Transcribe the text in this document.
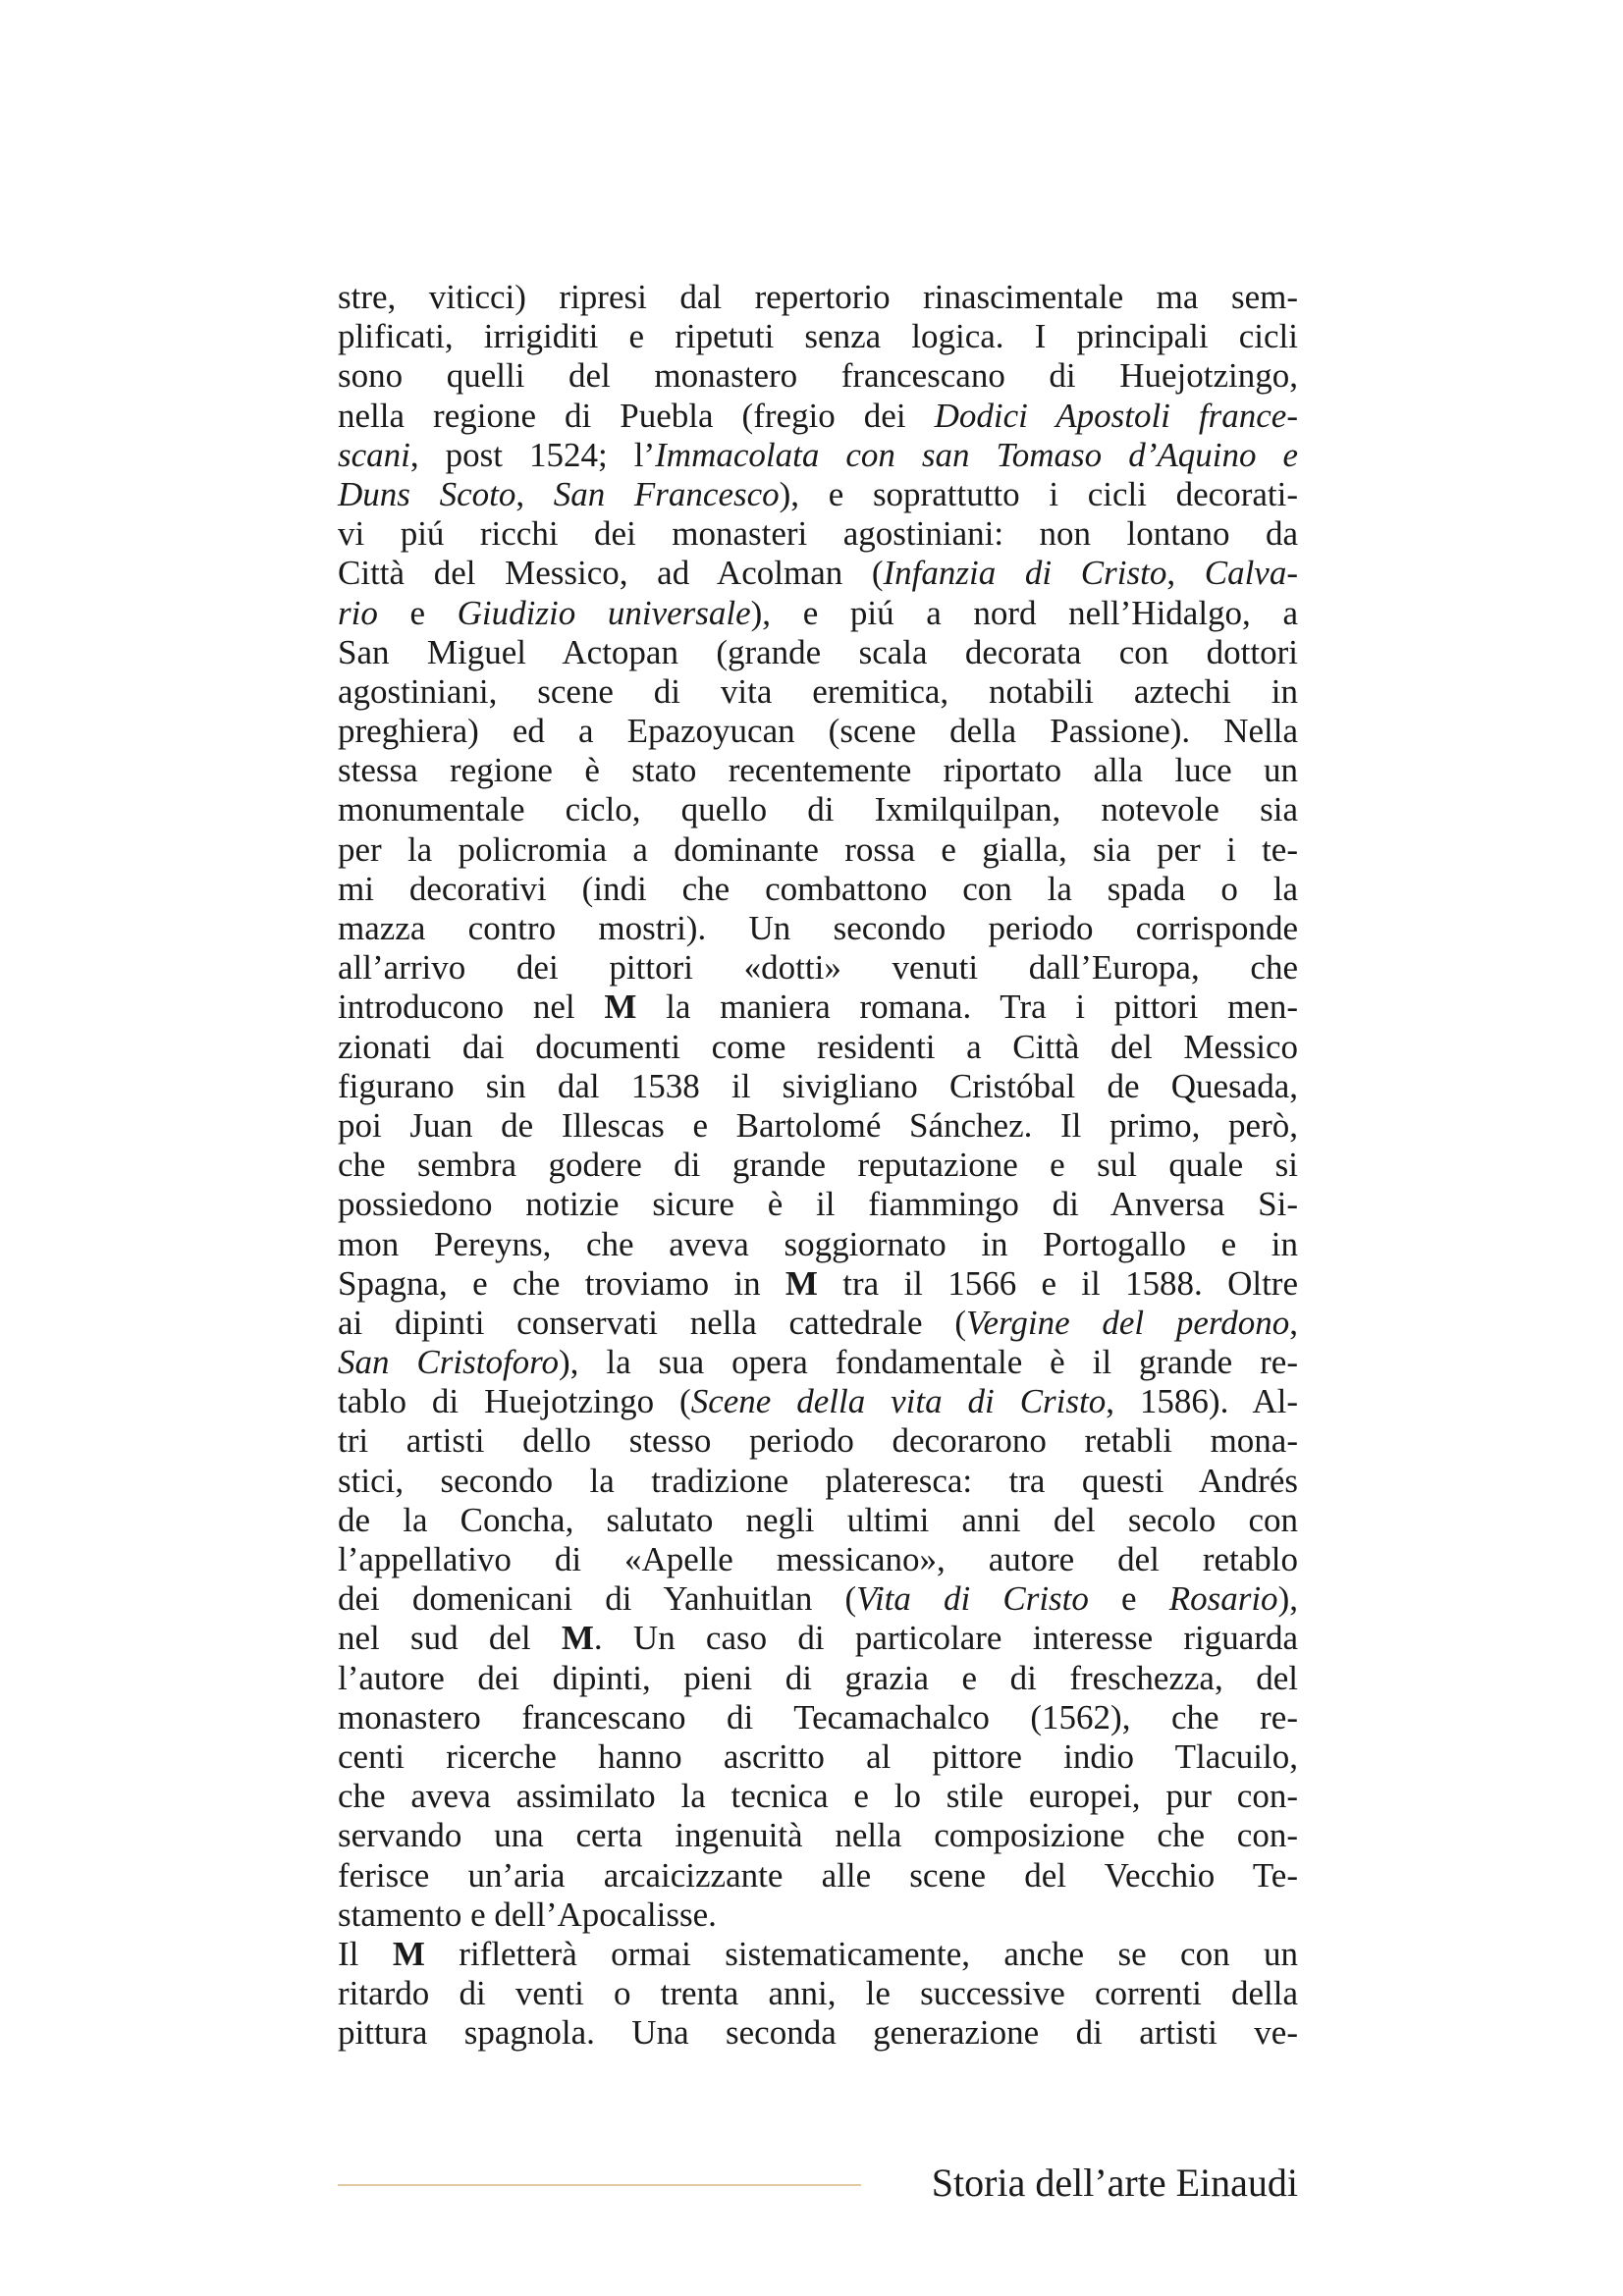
stre, viticci) ripresi dal repertorio rinascimentale ma sem-
plificati, irrigiditi e ripetuti senza logica. I principali cicli
sono quelli del monastero francescano di Huejotzingo,
nella regione di Puebla (fregio dei Dodici Apostoli france-
scani, post 1524; l’Immacolata con san Tomaso d’Aquino e
Duns Scoto, San Francesco), e soprattutto i cicli decorati-
vi piú ricchi dei monasteri agostiniani: non lontano da
Città del Messico, ad Acolman (Infanzia di Cristo, Calva-
rio e Giudizio universale), e piú a nord nell’Hidalgo, a
San Miguel Actopan (grande scala decorata con dottori
agostiniani, scene di vita eremitica, notabili aztechi in
preghiera) ed a Epazoyucan (scene della Passione). Nella
stessa regione è stato recentemente riportato alla luce un
monumentale ciclo, quello di Ixmilquilpan, notevole sia
per la policromia a dominante rossa e gialla, sia per i te-
mi decorativi (indi che combattono con la spada o la
mazza contro mostri). Un secondo periodo corrisponde
all’arrivo dei pittori «dotti» venuti dall’Europa, che
introducono nel M la maniera romana. Tra i pittori men-
zionati dai documenti come residenti a Città del Messico
figurano sin dal 1538 il sivigliano Cristóbal de Quesada,
poi Juan de Illescas e Bartolomé Sánchez. Il primo, però,
che sembra godere di grande reputazione e sul quale si
possiedono notizie sicure è il fiammingo di Anversa Si-
mon Pereyns, che aveva soggiornato in Portogallo e in
Spagna, e che troviamo in M tra il 1566 e il 1588. Oltre
ai dipinti conservati nella cattedrale (Vergine del perdono,
San Cristoforo), la sua opera fondamentale è il grande re-
tablo di Huejotzingo (Scene della vita di Cristo, 1586). Al-
tri artisti dello stesso periodo decorarono retabli mona-
stici, secondo la tradizione plateresca: tra questi Andrés
de la Concha, salutato negli ultimi anni del secolo con
l’appellativo di «Apelle messicano», autore del retablo
dei domenicani di Yanhuitlan (Vita di Cristo e Rosario),
nel sud del M. Un caso di particolare interesse riguarda
l’autore dei dipinti, pieni di grazia e di freschezza, del
monastero francescano di Tecamachalco (1562), che re-
centi ricerche hanno ascritto al pittore indio Tlacuilo,
che aveva assimilato la tecnica e lo stile europei, pur con-
servando una certa ingenuità nella composizione che con-
ferisce un’aria arcaicizzante alle scene del Vecchio Te-
stamento e dell’Apocalisse.
Il M rifletterà ormai sistematicamente, anche se con un
ritardo di venti o trenta anni, le successive correnti della
pittura spagnola. Una seconda generazione di artisti ve-
Storia dell’arte Einaudi
